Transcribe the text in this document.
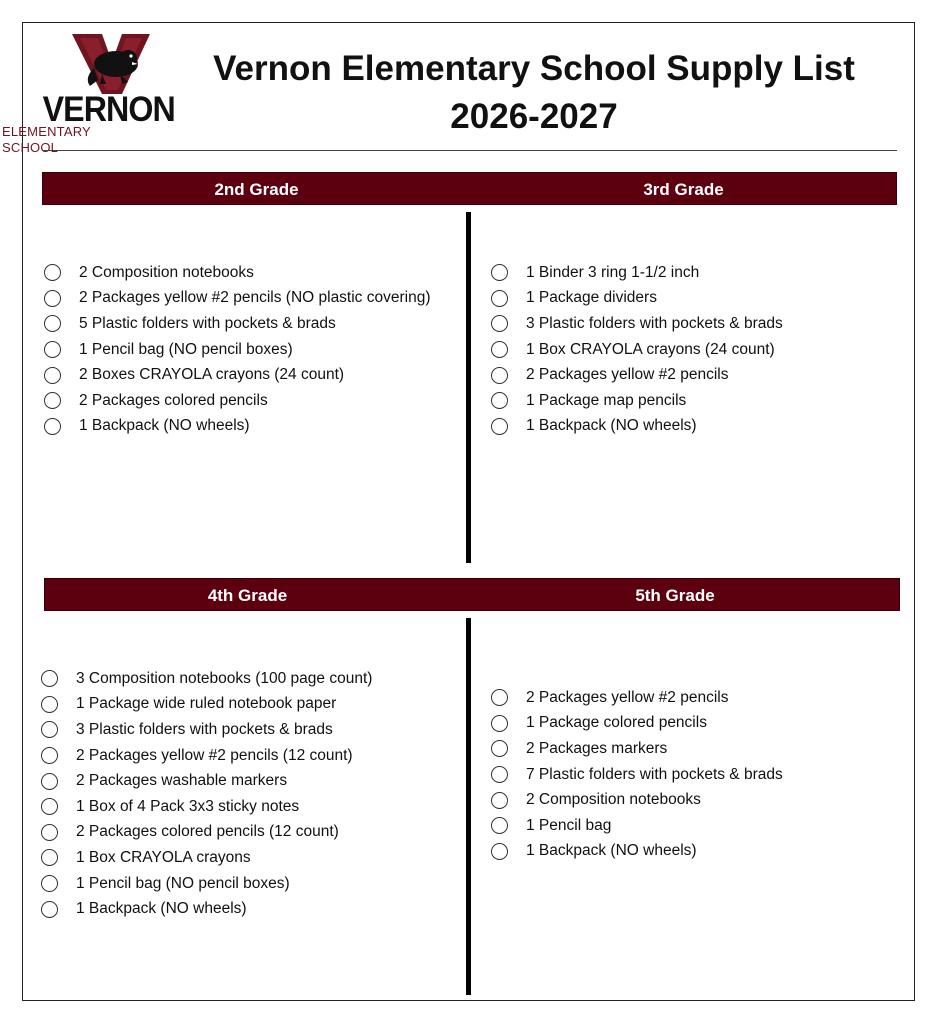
VERNON
ELEMENTARY SCHOOL
Vernon Elementary School Supply List
2026-2027
2nd Grade	3rd Grade
2 Composition notebooks
2 Packages yellow #2 pencils (NO plastic covering)
5 Plastic folders with pockets & brads
1 Pencil bag (NO pencil boxes)
2 Boxes CRAYOLA crayons (24 count)
2 Packages colored pencils
1 Backpack (NO wheels)
1 Binder 3 ring 1-1/2 inch
1 Package dividers
3 Plastic folders with pockets & brads
1 Box CRAYOLA crayons (24 count)
2 Packages yellow #2 pencils
1 Package map pencils
1 Backpack (NO wheels)
4th Grade	5th Grade
3 Composition notebooks (100 page count)
1 Package wide ruled notebook paper
3 Plastic folders with pockets & brads
2 Packages yellow #2 pencils (12 count)
2 Packages washable markers
1 Box of 4 Pack 3x3 sticky notes
2 Packages colored pencils (12 count)
1 Box CRAYOLA crayons
1 Pencil bag (NO pencil boxes)
1 Backpack (NO wheels)
2 Packages yellow #2 pencils
1 Package colored pencils
2 Packages markers
7 Plastic folders with pockets & brads
2 Composition notebooks
1 Pencil bag
1 Backpack (NO wheels)
